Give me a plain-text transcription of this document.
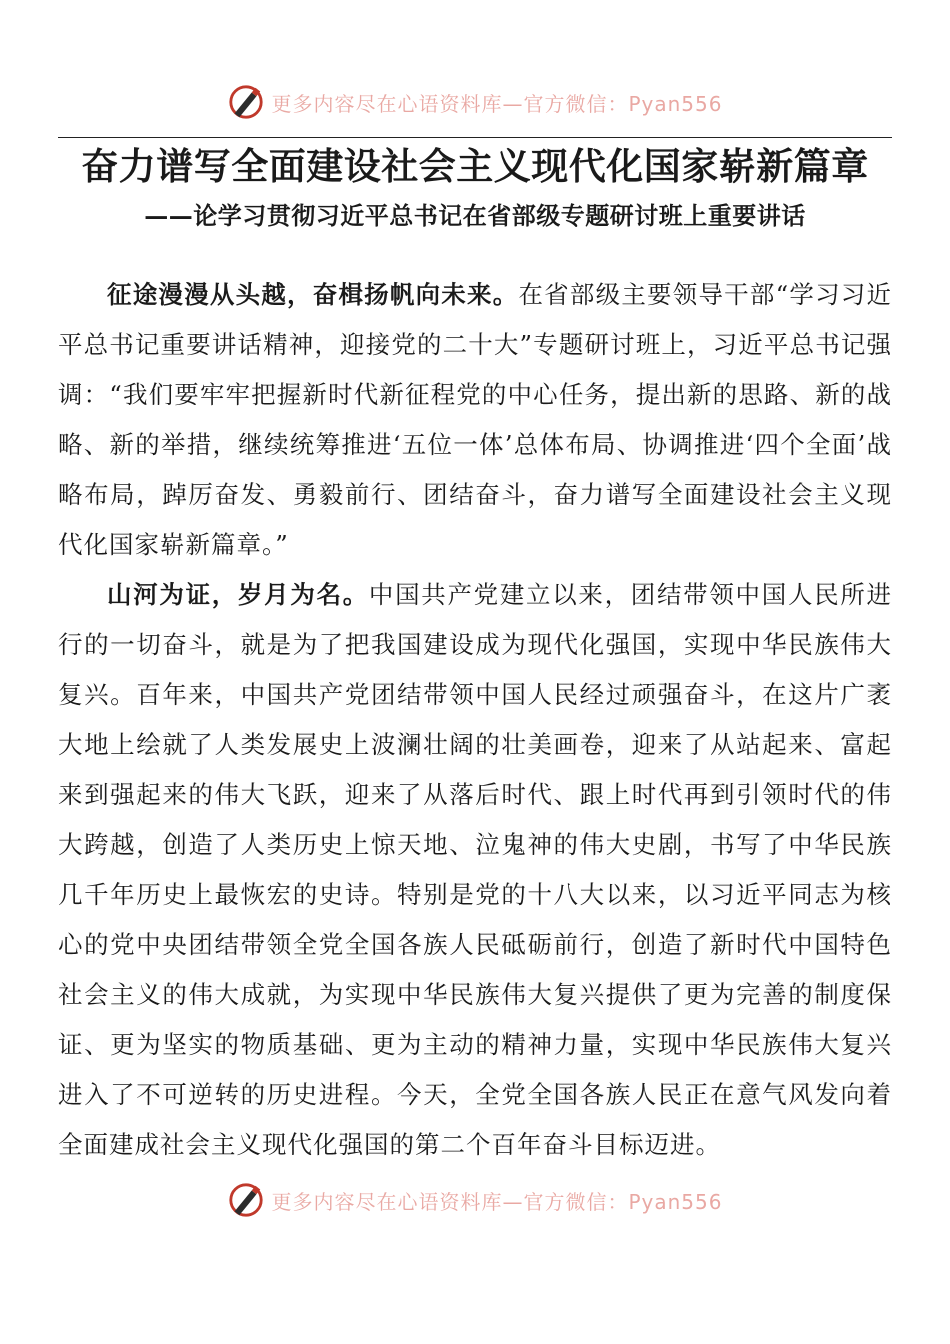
更多内容尽在心语资料库—官方微信：Pyan556
奋力谱写全面建设社会主义现代化国家崭新篇章
——论学习贯彻习近平总书记在省部级专题研讨班上重要讲话

征途漫漫从头越，奋楫扬帆向未来。在省部级主要领导干部“学习习近平总书记重要讲话精神，迎接党的二十大”专题研讨班上，习近平总书记强调：“我们要牢牢把握新时代新征程党的中心任务，提出新的思路、新的战略、新的举措，继续统筹推进‘五位一体’总体布局、协调推进‘四个全面’战略布局，踔厉奋发、勇毅前行、团结奋斗，奋力谱写全面建设社会主义现代化国家崭新篇章。”

山河为证，岁月为名。中国共产党建立以来，团结带领中国人民所进行的一切奋斗，就是为了把我国建设成为现代化强国，实现中华民族伟大复兴。百年来，中国共产党团结带领中国人民经过顽强奋斗，在这片广袤大地上绘就了人类发展史上波澜壮阔的壮美画卷，迎来了从站起来、富起来到强起来的伟大飞跃，迎来了从落后时代、跟上时代再到引领时代的伟大跨越，创造了人类历史上惊天地、泣鬼神的伟大史剧，书写了中华民族几千年历史上最恢宏的史诗。特别是党的十八大以来，以习近平同志为核心的党中央团结带领全党全国各族人民砥砺前行，创造了新时代中国特色社会主义的伟大成就，为实现中华民族伟大复兴提供了更为完善的制度保证、更为坚实的物质基础、更为主动的精神力量，实现中华民族伟大复兴进入了不可逆转的历史进程。今天，全党全国各族人民正在意气风发向着全面建成社会主义现代化强国的第二个百年奋斗目标迈进。

更多内容尽在心语资料库—官方微信：Pyan556
